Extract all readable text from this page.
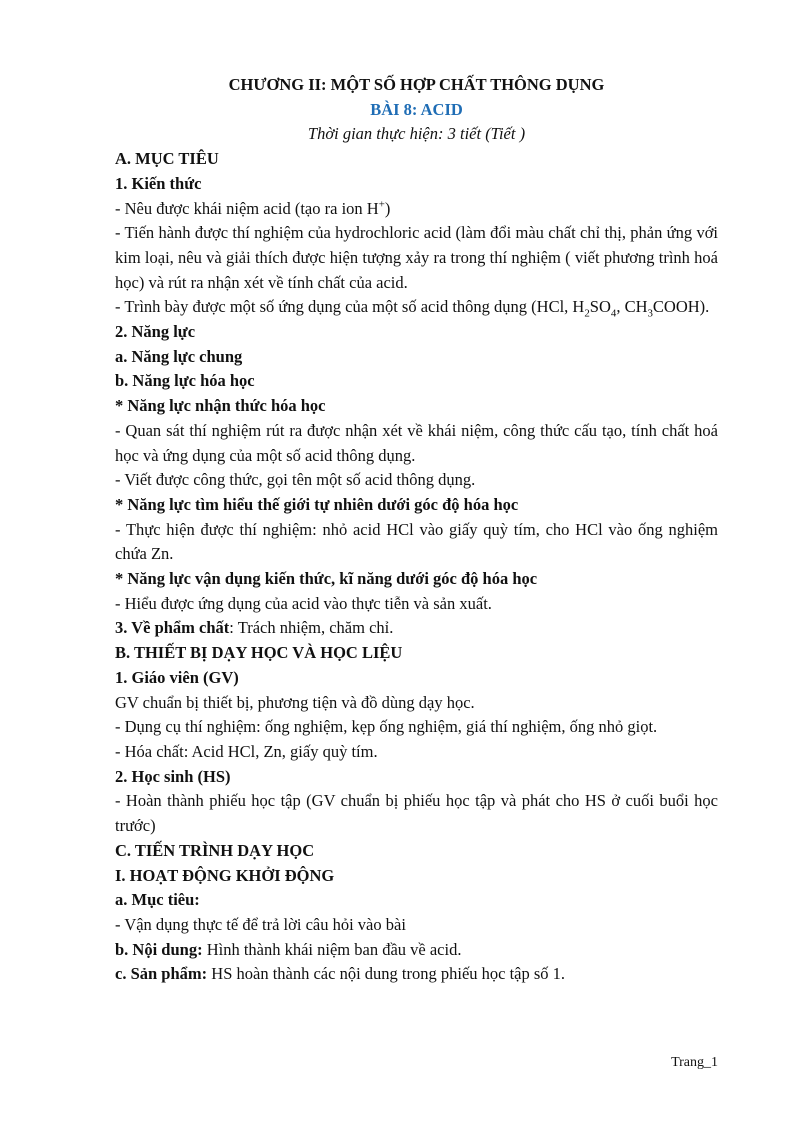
CHƯƠNG II: MỘT SỐ HỢP CHẤT THÔNG DỤNG

BÀI 8: ACID

Thời gian thực hiện: 3 tiết (Tiết )

A. MỤC TIÊU

1. Kiến thức

- Nêu được khái niệm acid (tạo ra ion H+)

- Tiến hành được thí nghiệm của hydrochloric acid (làm đổi màu chất chỉ thị, phản ứng với kim loại, nêu và giải thích được hiện tượng xảy ra trong thí nghiệm ( viết phương trình hoá học) và rút ra nhận xét về tính chất của acid.

- Trình bày được một số ứng dụng của một số acid thông dụng (HCl, $H_2SO_4$, $CH_3COOH$).

2. Năng lực

a. Năng lực chung

b. Năng lực hóa học

* Năng lực nhận thức hóa học

- Quan sát thí nghiệm rút ra được nhận xét về khái niệm, công thức cấu tạo, tính chất hoá học và ứng dụng của một số acid thông dụng.

- Viết được công thức, gọi tên một số acid thông dụng.

* Năng lực tìm hiểu thế giới tự nhiên dưới góc độ hóa học

- Thực hiện được thí nghiệm: nhỏ acid HCl vào giấy quỳ tím, cho HCl vào ống nghiệm chứa Zn.

* Năng lực vận dụng kiến thức, kĩ năng dưới góc độ hóa học

- Hiểu được ứng dụng của acid vào thực tiễn và sản xuất.

3. Về phẩm chất: Trách nhiệm, chăm chỉ.

B. THIẾT BỊ DẠY HỌC VÀ HỌC LIỆU

1. Giáo viên (GV)

GV chuẩn bị thiết bị, phương tiện và đồ dùng dạy học.

- Dụng cụ thí nghiệm: ống nghiệm, kẹp ống nghiệm, giá thí nghiệm, ống nhỏ giọt.

- Hóa chất: Acid HCl, Zn, giấy quỳ tím.

2. Học sinh (HS)

- Hoàn thành phiếu học tập (GV chuẩn bị phiếu học tập và phát cho HS ở cuối buổi học trước)

C. TIẾN TRÌNH DẠY HỌC

I. HOẠT ĐỘNG KHỞI ĐỘNG

a. Mục tiêu:

- Vận dụng thực tế để trả lời câu hỏi vào bài

b. Nội dung: Hình thành khái niệm ban đầu về acid.

c. Sản phẩm: HS hoàn thành các nội dung trong phiếu học tập số 1.

Trang_1
